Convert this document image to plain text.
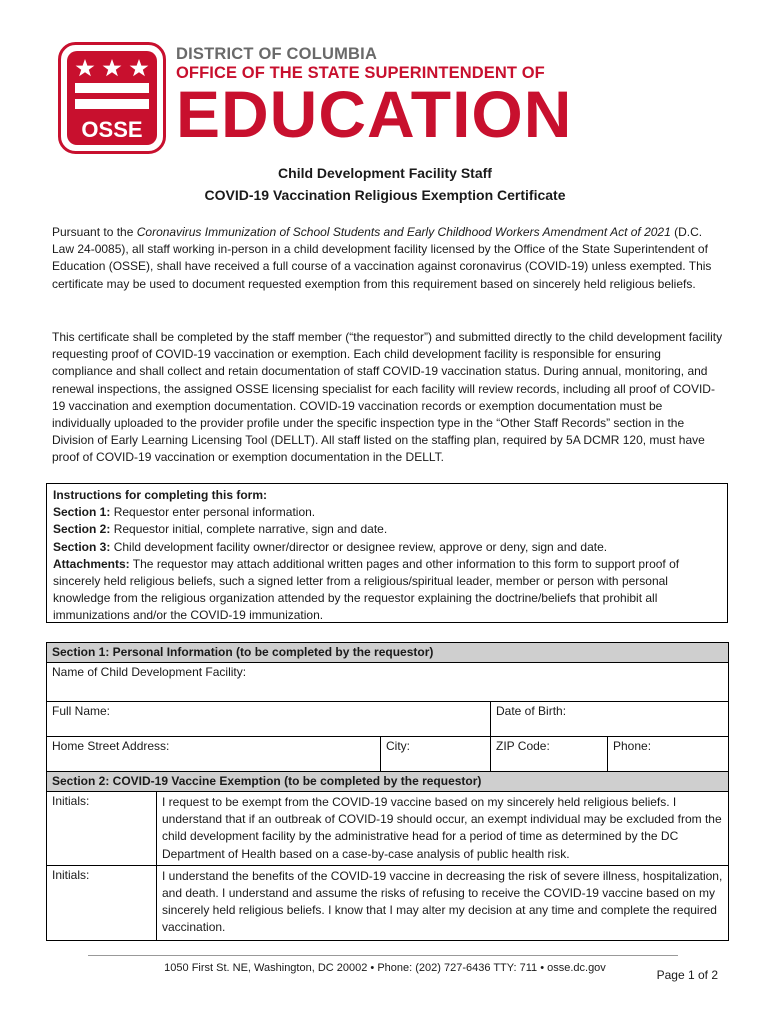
OSSE
DISTRICT OF COLUMBIA
OFFICE OF THE STATE SUPERINTENDENT OF
EDUCATION
Child Development Facility Staff
COVID-19 Vaccination Religious Exemption Certificate
Pursuant to the Coronavirus Immunization of School Students and Early Childhood Workers Amendment Act of 2021 (D.C. Law 24-0085), all staff working in-person in a child development facility licensed by the Office of the State Superintendent of Education (OSSE), shall have received a full course of a vaccination against coronavirus (COVID-19) unless exempted. This certificate may be used to document requested exemption from this requirement based on sincerely held religious beliefs.
This certificate shall be completed by the staff member (“the requestor”) and submitted directly to the child development facility requesting proof of COVID-19 vaccination or exemption. Each child development facility is responsible for ensuring compliance and shall collect and retain documentation of staff COVID-19 vaccination status. During annual, monitoring, and renewal inspections, the assigned OSSE licensing specialist for each facility will review records, including all proof of COVID-19 vaccination and exemption documentation. COVID-19 vaccination records or exemption documentation must be individually uploaded to the provider profile under the specific inspection type in the “Other Staff Records” section in the Division of Early Learning Licensing Tool (DELLT). All staff listed on the staffing plan, required by 5A DCMR 120, must have proof of COVID-19 vaccination or exemption documentation in the DELLT.
Instructions for completing this form:
Section 1: Requestor enter personal information.
Section 2: Requestor initial, complete narrative, sign and date.
Section 3: Child development facility owner/director or designee review, approve or deny, sign and date.
Attachments: The requestor may attach additional written pages and other information to this form to support proof of sincerely held religious beliefs, such a signed letter from a religious/spiritual leader, member or person with personal knowledge from the religious organization attended by the requestor explaining the doctrine/beliefs that prohibit all immunizations and/or the COVID-19 immunization.
Section 1: Personal Information (to be completed by the requestor)				
Name of Child Development Facility:				
Full Name:			Date of Birth:	
Home Street Address:		City:	ZIP Code:	Phone:
Section 2: COVID-19 Vaccine Exemption (to be completed by the requestor)				
Initials:	I request to be exempt from the COVID-19 vaccine based on my sincerely held religious beliefs. I understand that if an outbreak of COVID-19 should occur, an exempt individual may be excluded from the child development facility by the administrative head for a period of time as determined by the DC Department of Health based on a case-by-case analysis of public health risk.			
Initials:	I understand the benefits of the COVID-19 vaccine in decreasing the risk of severe illness, hospitalization, and death. I understand and assume the risks of refusing to receive the COVID-19 vaccine based on my sincerely held religious beliefs. I know that I may alter my decision at any time and complete the required vaccination.			
1050 First St. NE, Washington, DC 20002 • Phone: (202) 727-6436 TTY: 711 • osse.dc.gov	Page 1 of 2
